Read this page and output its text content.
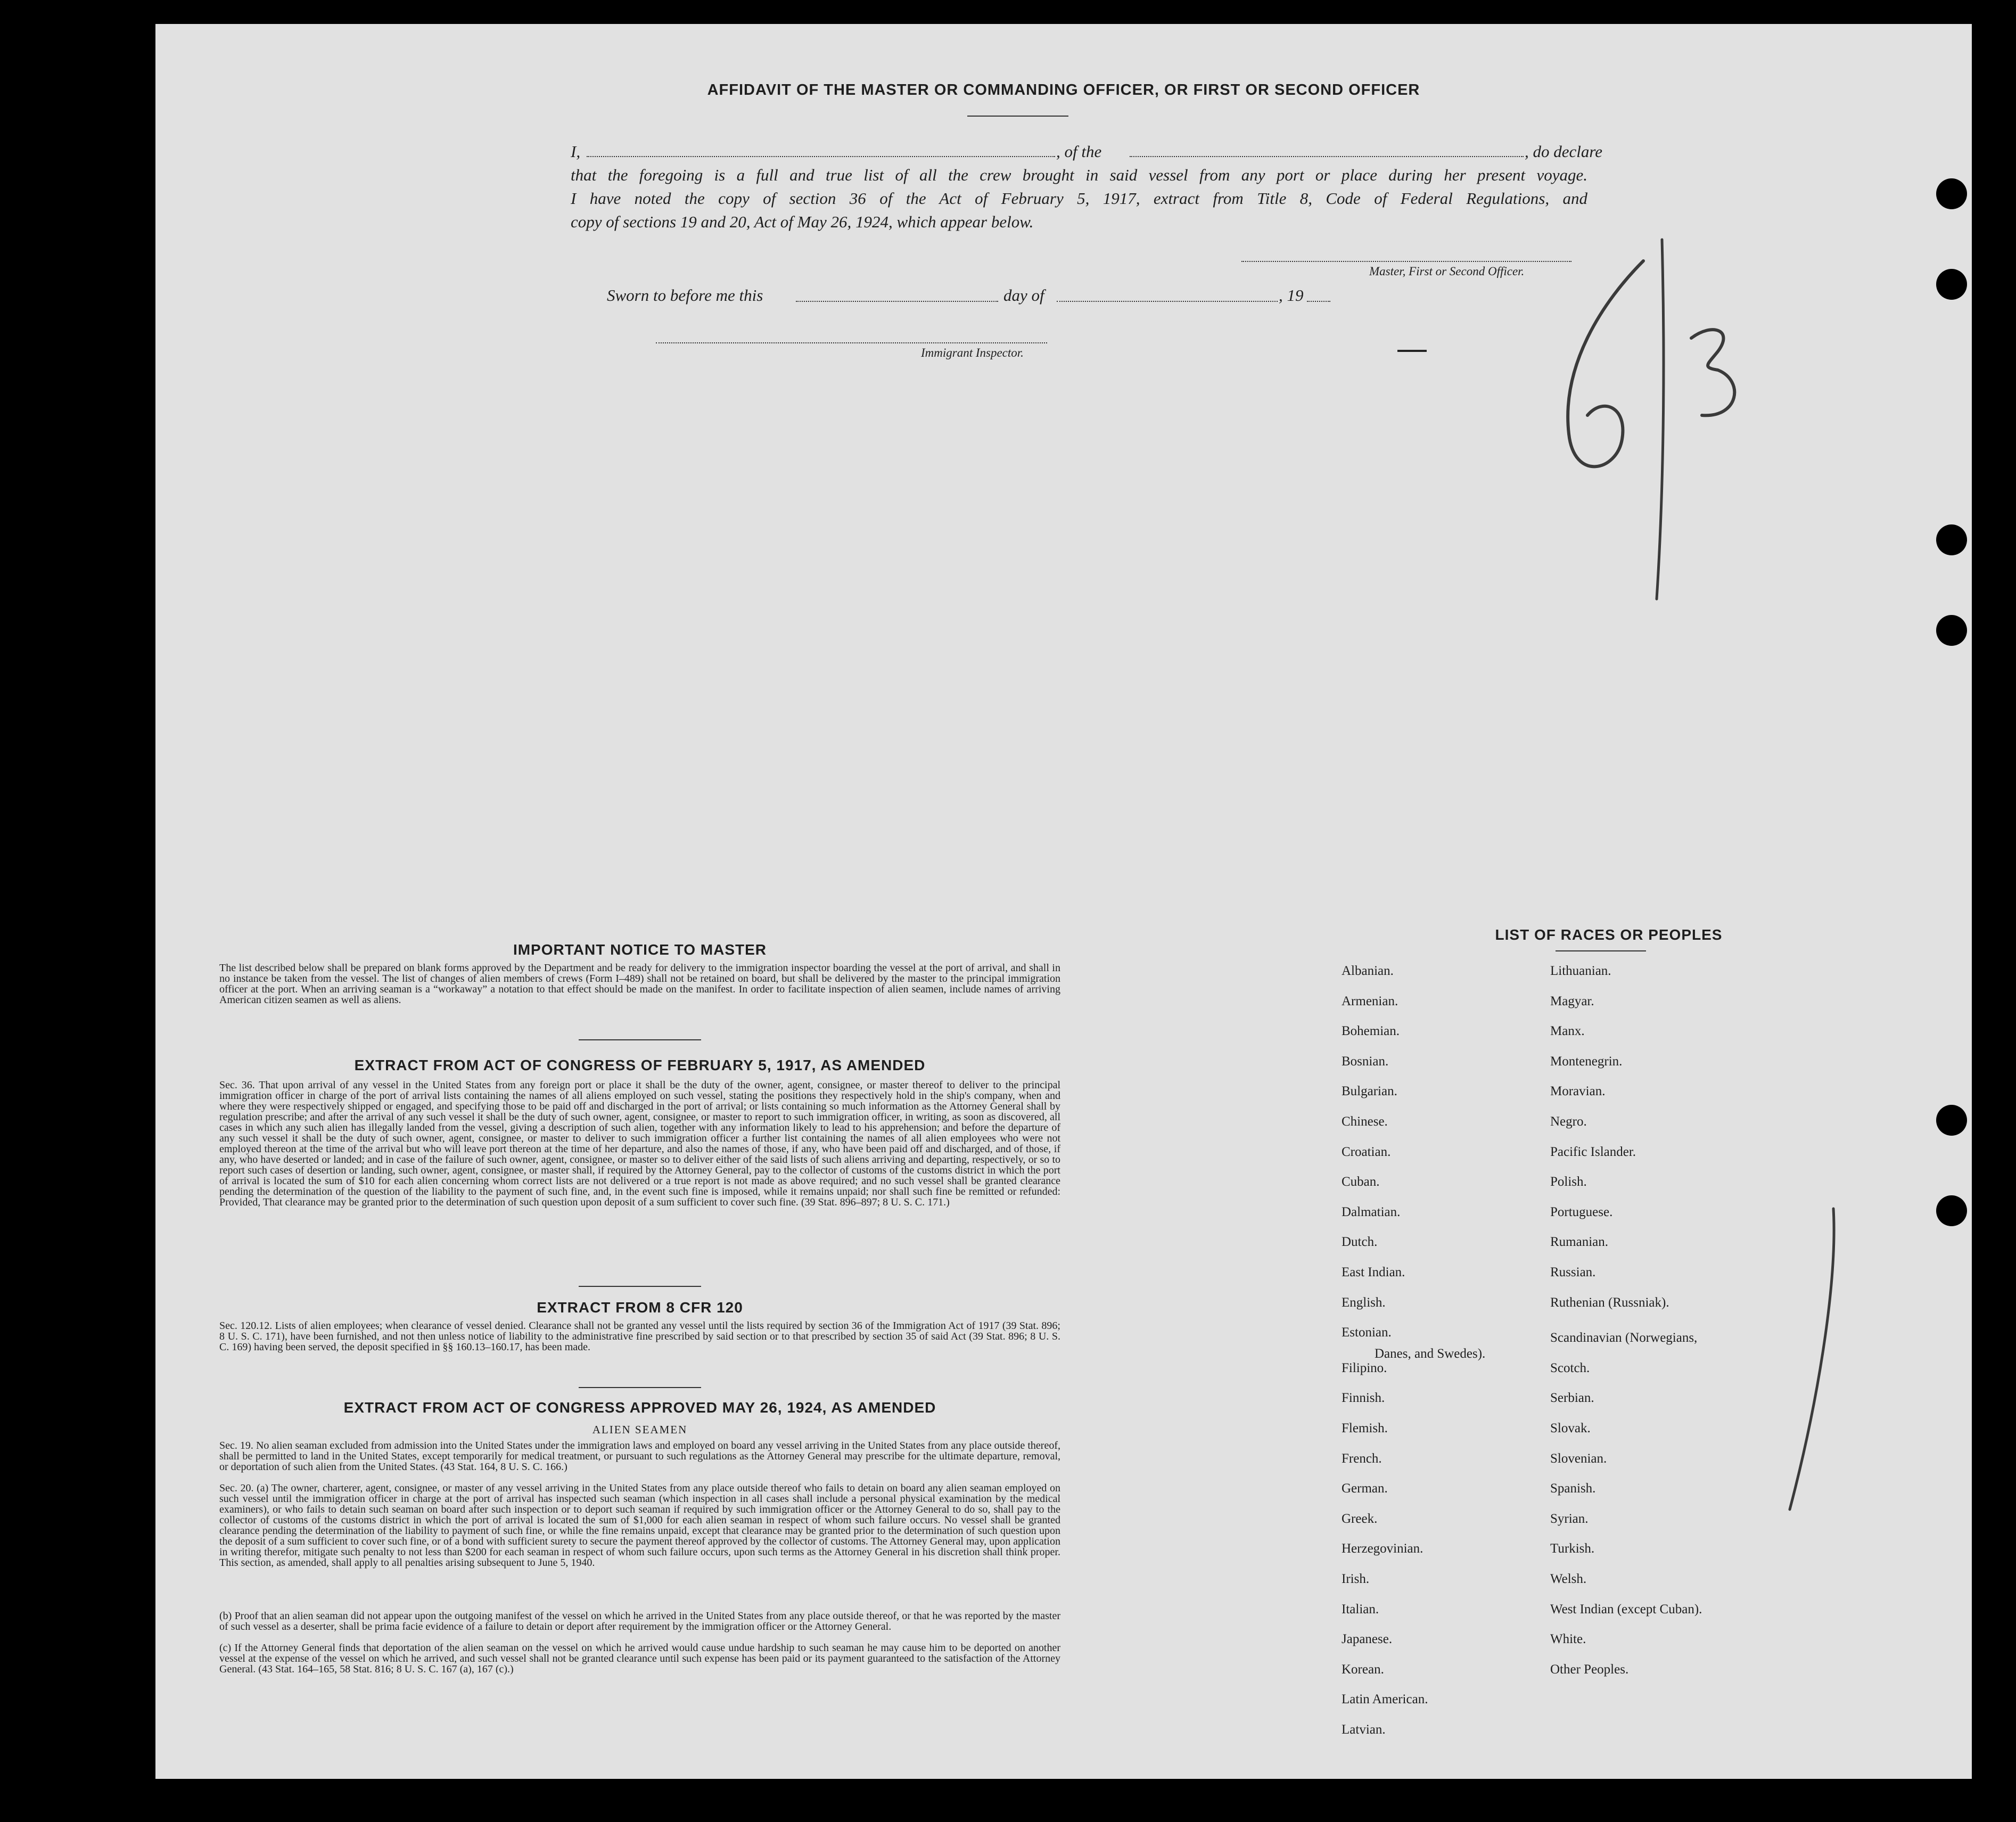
AFFIDAVIT OF THE MASTER OR COMMANDING OFFICER, OR FIRST OR SECOND OFFICER
I,	, of the	, do declare
that the foregoing is a full and true list of all the crew brought in said vessel from any port or place during her present voyage.
I have noted the copy of section 36 of the Act of February 5, 1917, extract from Title 8, Code of Federal Regulations, and
copy of sections 19 and 20, Act of May 26, 1924, which appear below.
Master, First or Second Officer.
Sworn to before me this	day of	, 19
Immigrant Inspector.
6	3
IMPORTANT NOTICE TO MASTER

The list described below shall be prepared on blank forms approved by the Department and be ready for delivery to the immigration inspector boarding the vessel at the port of arrival, and shall in no instance be taken from the vessel. The list of changes of alien members of crews (Form I–489) shall not be retained on board, but shall be delivered by the master to the principal immigration officer at the port. When an arriving seaman is a “workaway” a notation to that effect should be made on the manifest. In order to facilitate inspection of alien seamen, include names of arriving American citizen seamen as well as aliens.

EXTRACT FROM ACT OF CONGRESS OF FEBRUARY 5, 1917, AS AMENDED

Sec. 36. That upon arrival of any vessel in the United States from any foreign port or place it shall be the duty of the owner, agent, consignee, or master thereof to deliver to the principal immigration officer in charge of the port of arrival lists containing the names of all aliens employed on such vessel, stating the positions they respectively hold in the ship's company, when and where they were respectively shipped or engaged, and specifying those to be paid off and discharged in the port of arrival; or lists containing so much information as the Attorney General shall by regulation prescribe; and after the arrival of any such vessel it shall be the duty of such owner, agent, consignee, or master to report to such immigration officer, in writing, as soon as discovered, all cases in which any such alien has illegally landed from the vessel, giving a description of such alien, together with any information likely to lead to his apprehension; and before the departure of any such vessel it shall be the duty of such owner, agent, consignee, or master to deliver to such immigration officer a further list containing the names of all alien employees who were not employed thereon at the time of the arrival but who will leave port thereon at the time of her departure, and also the names of those, if any, who have been paid off and discharged, and of those, if any, who have deserted or landed; and in case of the failure of such owner, agent, consignee, or master so to deliver either of the said lists of such aliens arriving and departing, respectively, or so to report such cases of desertion or landing, such owner, agent, consignee, or master shall, if required by the Attorney General, pay to the collector of customs of the customs district in which the port of arrival is located the sum of $10 for each alien concerning whom correct lists are not delivered or a true report is not made as above required; and no such vessel shall be granted clearance pending the determination of the question of the liability to the payment of such fine, and, in the event such fine is imposed, while it remains unpaid; nor shall such fine be remitted or refunded: Provided, That clearance may be granted prior to the determination of such question upon deposit of a sum sufficient to cover such fine. (39 Stat. 896–897; 8 U. S. C. 171.)

EXTRACT FROM 8 CFR 120

Sec. 120.12. Lists of alien employees; when clearance of vessel denied. Clearance shall not be granted any vessel until the lists required by section 36 of the Immigration Act of 1917 (39 Stat. 896; 8 U. S. C. 171), have been furnished, and not then unless notice of liability to the administrative fine prescribed by said section or to that prescribed by section 35 of said Act (39 Stat. 896; 8 U. S. C. 169) having been served, the deposit specified in §§ 160.13–160.17, has been made.

EXTRACT FROM ACT OF CONGRESS APPROVED MAY 26, 1924, AS AMENDED
ALIEN SEAMEN

Sec. 19. No alien seaman excluded from admission into the United States under the immigration laws and employed on board any vessel arriving in the United States from any place outside thereof, shall be permitted to land in the United States, except temporarily for medical treatment, or pursuant to such regulations as the Attorney General may prescribe for the ultimate departure, removal, or deportation of such alien from the United States. (43 Stat. 164, 8 U. S. C. 166.)

Sec. 20. (a) The owner, charterer, agent, consignee, or master of any vessel arriving in the United States from any place outside thereof who fails to detain on board any alien seaman employed on such vessel until the immigration officer in charge at the port of arrival has inspected such seaman (which inspection in all cases shall include a personal physical examination by the medical examiners), or who fails to detain such seaman on board after such inspection or to deport such seaman if required by such immigration officer or the Attorney General to do so, shall pay to the collector of customs of the customs district in which the port of arrival is located the sum of $1,000 for each alien seaman in respect of whom such failure occurs. No vessel shall be granted clearance pending the determination of the liability to payment of such fine, or while the fine remains unpaid, except that clearance may be granted prior to the determination of such question upon the deposit of a sum sufficient to cover such fine, or of a bond with sufficient surety to secure the payment thereof approved by the collector of customs. The Attorney General may, upon application in writing therefor, mitigate such penalty to not less than $200 for each seaman in respect of whom such failure occurs, upon such terms as the Attorney General in his discretion shall think proper. This section, as amended, shall apply to all penalties arising subsequent to June 5, 1940.

(b) Proof that an alien seaman did not appear upon the outgoing manifest of the vessel on which he arrived in the United States from any place outside thereof, or that he was reported by the master of such vessel as a deserter, shall be prima facie evidence of a failure to detain or deport after requirement by the immigration officer or the Attorney General.

(c) If the Attorney General finds that deportation of the alien seaman on the vessel on which he arrived would cause undue hardship to such seaman he may cause him to be deported on another vessel at the expense of the vessel on which he arrived, and such vessel shall not be granted clearance until such expense has been paid or its payment guaranteed to the satisfaction of the Attorney General. (43 Stat. 164–165, 58 Stat. 816; 8 U. S. C. 167 (a), 167 (c).)

LIST OF RACES OR PEOPLES
Albanian.
Armenian.
Bohemian.
Bosnian.
Bulgarian.
Chinese.
Croatian.
Cuban.
Dalmatian.
Dutch.
East Indian.
English.
Estonian.
Filipino.
Finnish.
Flemish.
French.
German.
Greek.
Herzegovinian.
Irish.
Italian.
Japanese.
Korean.
Latin American.
Latvian.
Lithuanian.
Magyar.
Manx.
Montenegrin.
Moravian.
Negro.
Pacific Islander.
Polish.
Portuguese.
Rumanian.
Russian.
Ruthenian (Russniak).
Scandinavian (Norwegians,
Danes, and Swedes).
Scotch.
Serbian.
Slovak.
Slovenian.
Spanish.
Syrian.
Turkish.
Welsh.
West Indian (except Cuban).
White.
Other Peoples.
